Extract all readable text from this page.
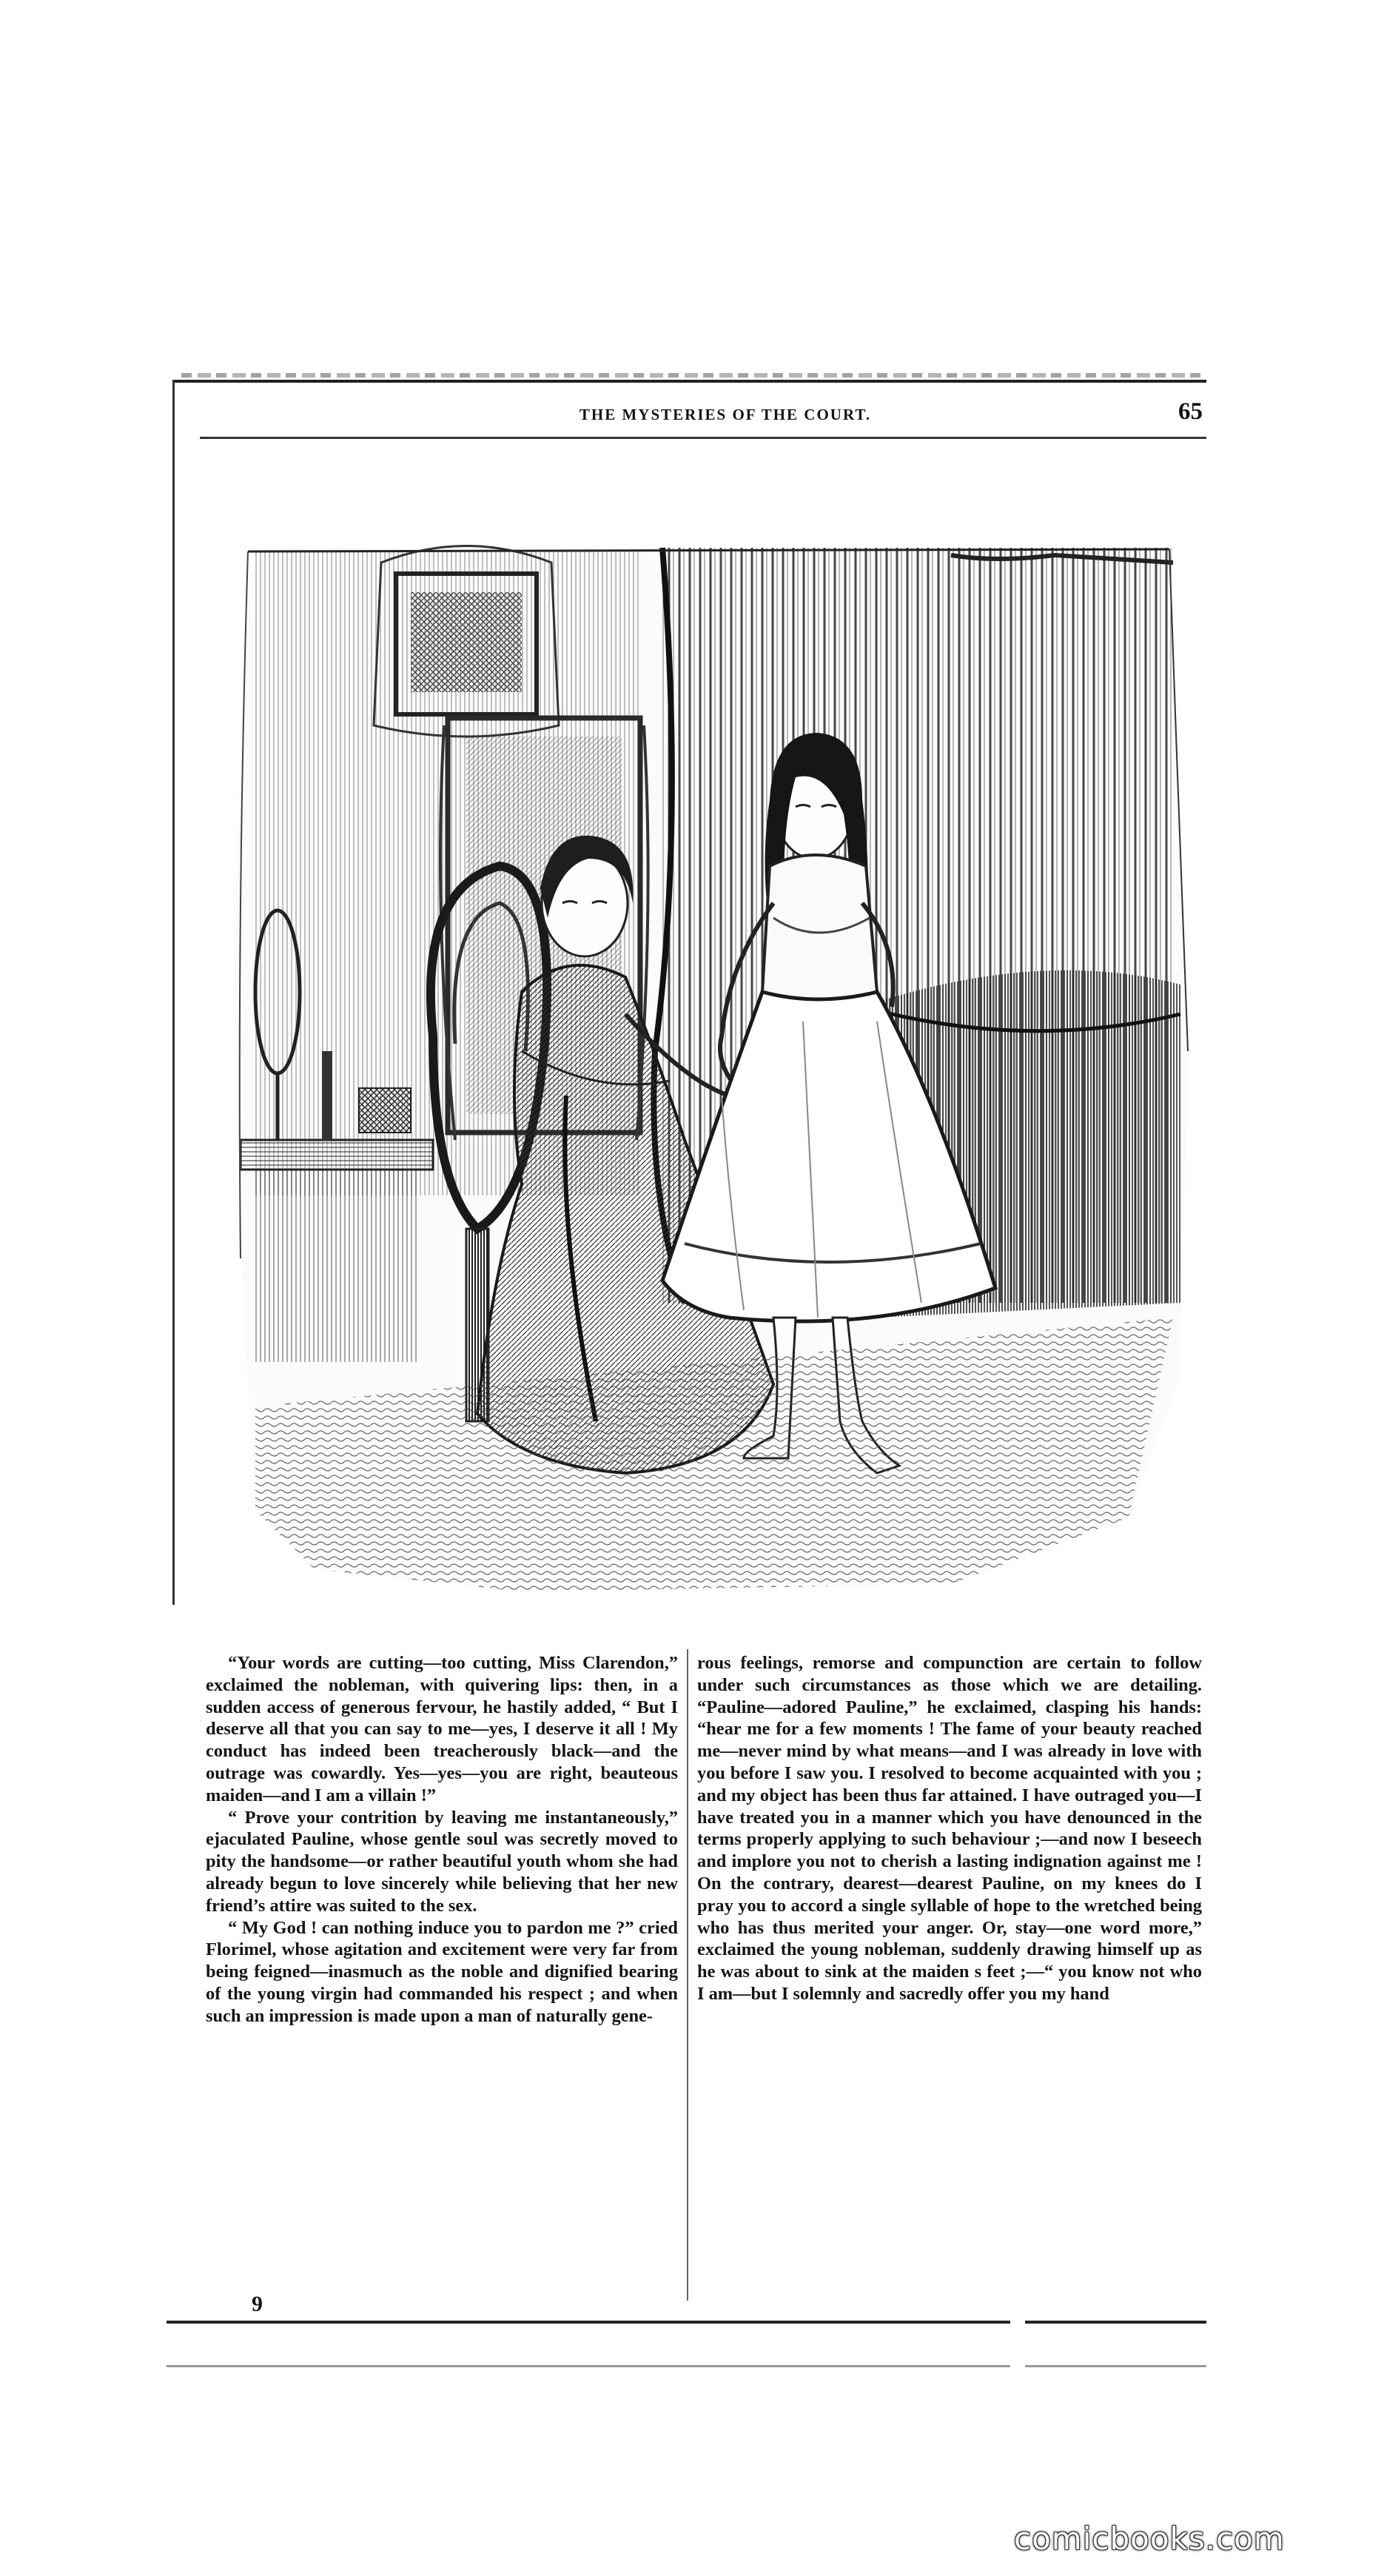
THE MYSTERIES OF THE COURT.	65

“Your words are cutting—too cutting, Miss Clarendon,” exclaimed the nobleman, with quivering lips: then, in a sudden access of generous fervour, he hastily added, “ But I deserve all that you can say to me—yes, I deserve it all ! My conduct has indeed been treacherously black—and the outrage was cowardly. Yes—yes—you are right, beauteous maiden—and I am a villain !”

“ Prove your contrition by leaving me instantaneously,” ejaculated Pauline, whose gentle soul was secretly moved to pity the handsome—or rather beautiful youth whom she had already begun to love sincerely while believing that her new friend’s attire was suited to the sex.

“ My God ! can nothing induce you to pardon me ?” cried Florimel, whose agitation and excitement were very far from being feigned—inasmuch as the noble and dignified bearing of the young virgin had commanded his respect ; and when such an impression is made upon a man of naturally gene-

rous feelings, remorse and compunction are certain to follow under such circumstances as those which we are detailing. “Pauline—adored Pauline,” he exclaimed, clasping his hands: “hear me for a few moments ! The fame of your beauty reached me—never mind by what means—and I was already in love with you before I saw you. I resolved to become acquainted with you ; and my object has been thus far attained. I have outraged you—I have treated you in a manner which you have denounced in the terms properly applying to such behaviour ;—and now I beseech and implore you not to cherish a lasting indignation against me ! On the contrary, dearest—dearest Pauline, on my knees do I pray you to accord a single syllable of hope to the wretched being who has thus merited your anger. Or, stay—one word more,” exclaimed the young nobleman, suddenly drawing himself up as he was about to sink at the maiden s feet ;—“ you know not who I am—but I solemnly and sacredly offer you my hand

9
comicbooks.com
